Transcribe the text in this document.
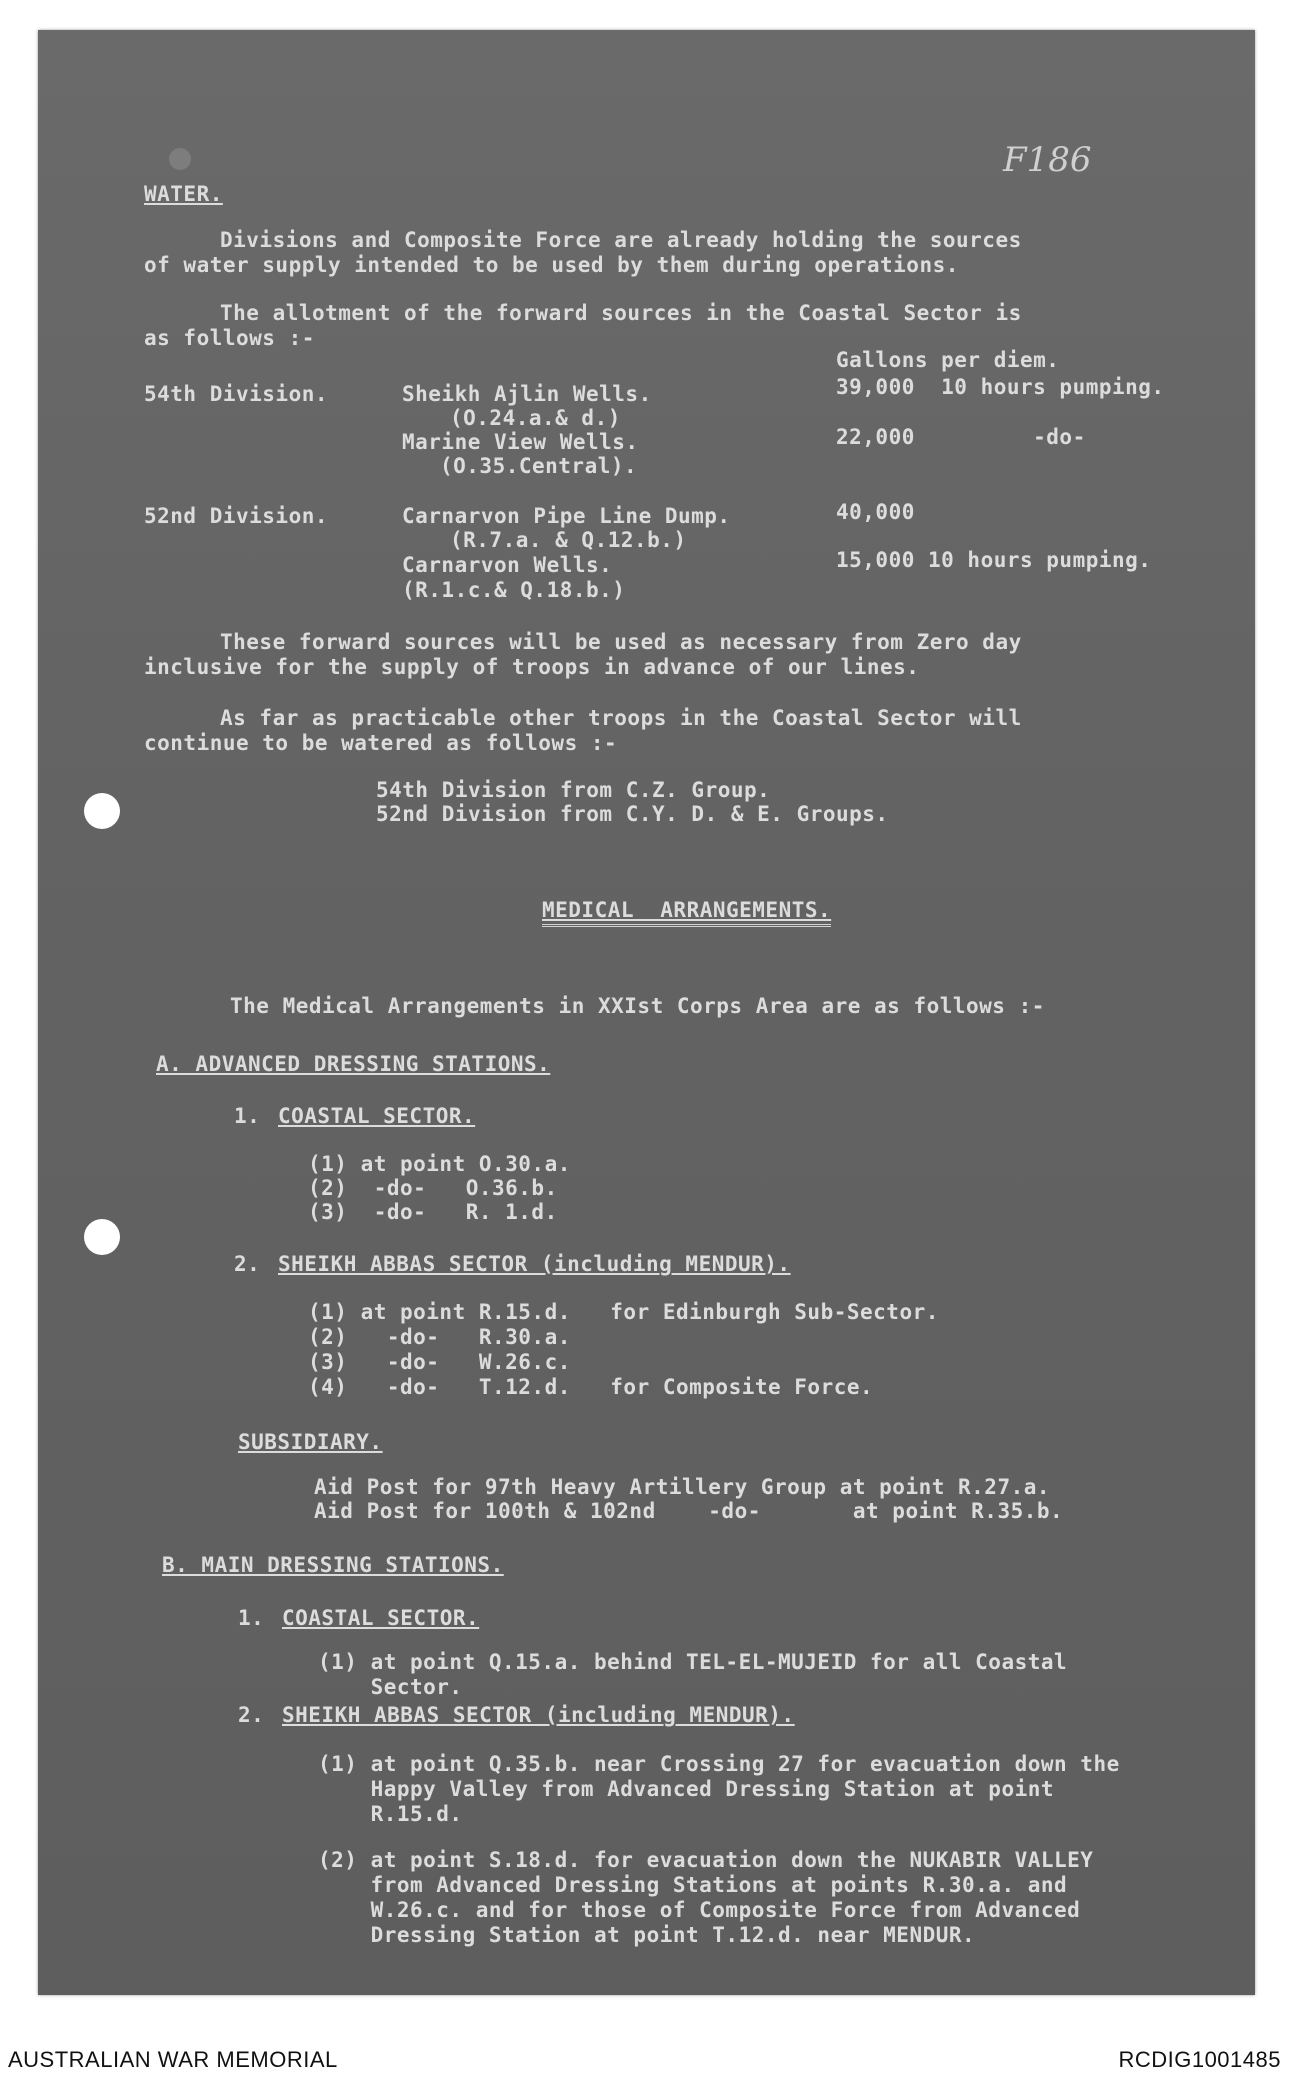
F186
WATER.
Divisions and Composite Force are already holding the sources
of water supply intended to be used by them during operations.
The allotment of the forward sources in the Coastal Sector is
as follows :-
Gallons per diem.
54th Division.	Sheikh Ajlin Wells.	39,000  10 hours pumping.
(O.24.a.& d.)
Marine View Wells.	22,000         -do-
(O.35.Central).
52nd Division.	Carnarvon Pipe Line Dump.	40,000
(R.7.a. & Q.12.b.)
Carnarvon Wells.	15,000 10 hours pumping.
(R.1.c.& Q.18.b.)
These forward sources will be used as necessary from Zero day
inclusive for the supply of troops in advance of our lines.
As far as practicable other troops in the Coastal Sector will
continue to be watered as follows :-
54th Division from C.Z. Group.
52nd Division from C.Y. D. & E. Groups.
MEDICAL  ARRANGEMENTS.
The Medical Arrangements in XXIst Corps Area are as follows :-
A. ADVANCED DRESSING STATIONS.
1. COASTAL SECTOR.
(1) at point O.30.a.
(2)  -do-   O.36.b.
(3)  -do-   R. 1.d.
2. SHEIKH ABBAS SECTOR (including MENDUR).
(1) at point R.15.d.   for Edinburgh Sub-Sector.
(2)   -do-   R.30.a.
(3)   -do-   W.26.c.
(4)   -do-   T.12.d.   for Composite Force.
SUBSIDIARY.
Aid Post for 97th Heavy Artillery Group at point R.27.a.
Aid Post for 100th & 102nd    -do-       at point R.35.b.
B. MAIN DRESSING STATIONS.
1. COASTAL SECTOR.
(1) at point Q.15.a. behind TEL-EL-MUJEID for all Coastal
Sector.
2. SHEIKH ABBAS SECTOR (including MENDUR).
(1) at point Q.35.b. near Crossing 27 for evacuation down the
Happy Valley from Advanced Dressing Station at point
R.15.d.
(2) at point S.18.d. for evacuation down the NUKABIR VALLEY
from Advanced Dressing Stations at points R.30.a. and
W.26.c. and for those of Composite Force from Advanced
Dressing Station at point T.12.d. near MENDUR.
AUSTRALIAN WAR MEMORIAL	RCDIG1001485
